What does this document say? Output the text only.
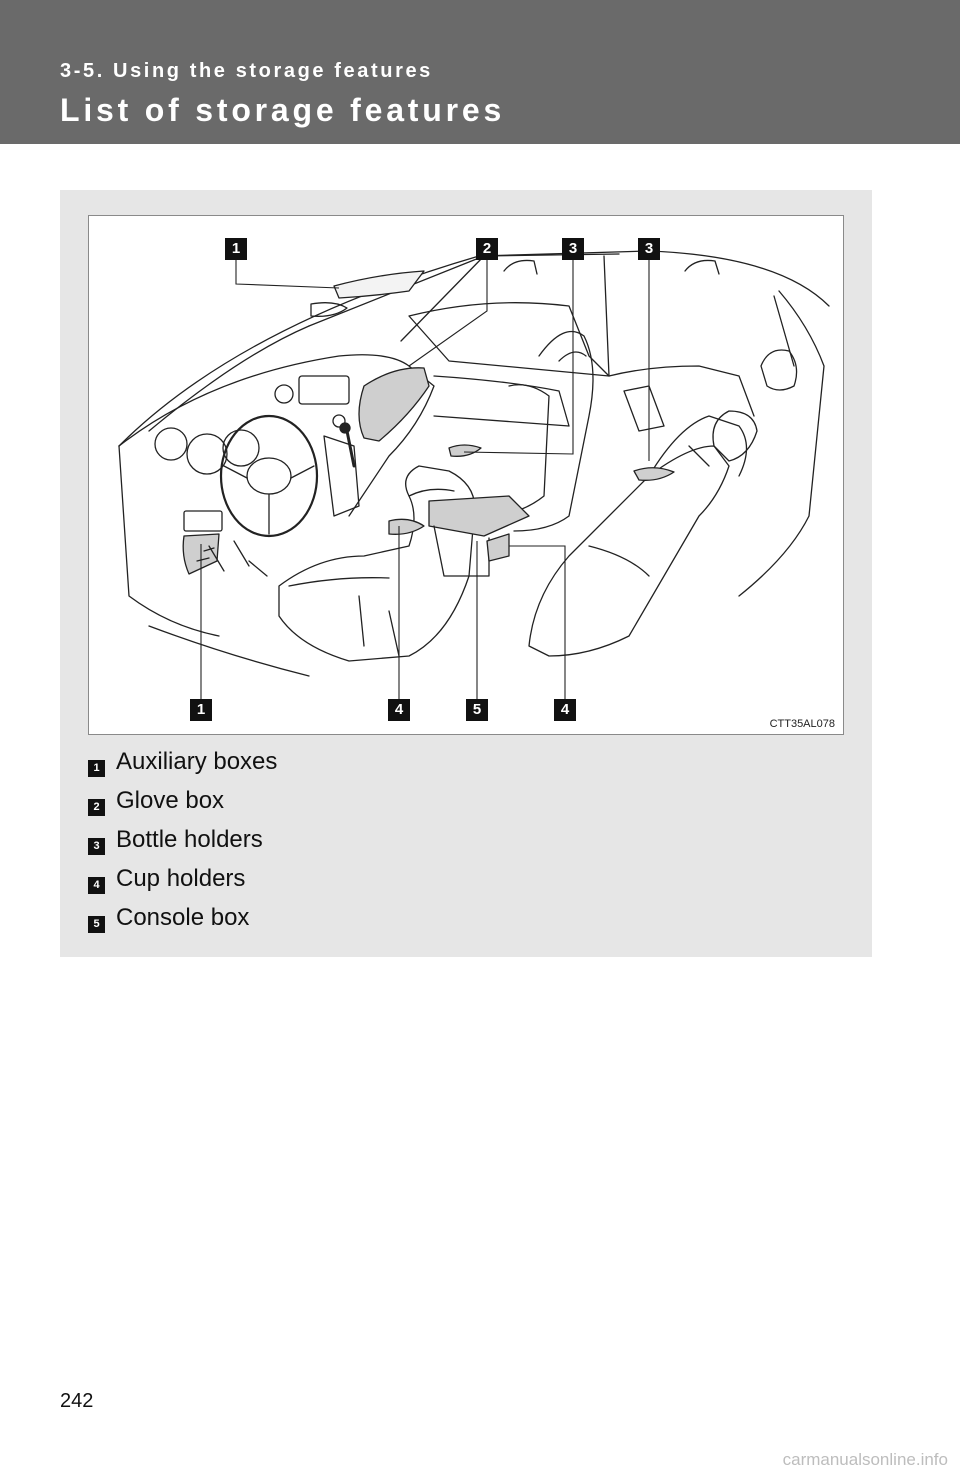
3-5. Using the storage features
List of storage features
1	2	3	3
1	4	5	4
CTT35AL078
1 Auxiliary boxes
2 Glove box
3 Bottle holders
4 Cup holders
5 Console box
242
carmanualsonline.info
